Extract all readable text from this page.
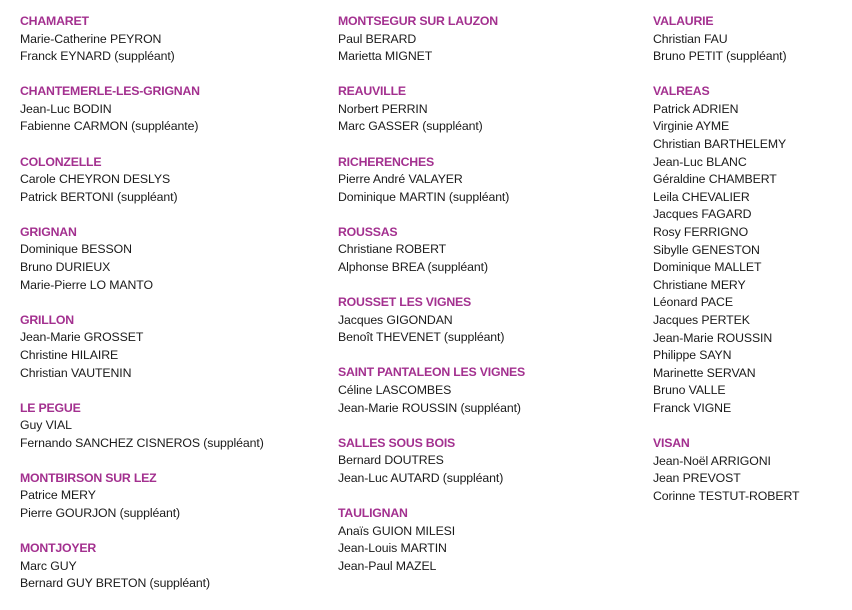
CHAMARET
Marie-Catherine PEYRON
Franck EYNARD (suppléant)
CHANTEMERLE-LES-GRIGNAN
Jean-Luc BODIN
Fabienne CARMON (suppléante)
COLONZELLE
Carole CHEYRON DESLYS
Patrick BERTONI (suppléant)
GRIGNAN
Dominique BESSON
Bruno DURIEUX
Marie-Pierre LO MANTO
GRILLON
Jean-Marie GROSSET
Christine HILAIRE
Christian VAUTENIN
LE PEGUE
Guy VIAL
Fernando SANCHEZ CISNEROS (suppléant)
MONTBIRSON SUR LEZ
Patrice MERY
Pierre GOURJON (suppléant)
MONTJOYER
Marc GUY
Bernard GUY BRETON (suppléant)
MONTSEGUR SUR LAUZON
Paul BERARD
Marietta MIGNET
REAUVILLE
Norbert PERRIN
Marc GASSER (suppléant)
RICHERENCHES
Pierre André VALAYER
Dominique MARTIN (suppléant)
ROUSSAS
Christiane ROBERT
Alphonse BREA (suppléant)
ROUSSET LES VIGNES
Jacques GIGONDAN
Benoît THEVENET (suppléant)
SAINT PANTALEON LES VIGNES
Céline LASCOMBES
Jean-Marie ROUSSIN (suppléant)
SALLES SOUS BOIS
Bernard DOUTRES
Jean-Luc AUTARD (suppléant)
TAULIGNAN
Anaïs GUION MILESI
Jean-Louis MARTIN
Jean-Paul MAZEL
VALAURIE
Christian FAU
Bruno PETIT (suppléant)
VALREAS
Patrick ADRIEN
Virginie AYME
Christian BARTHELEMY
Jean-Luc BLANC
Géraldine CHAMBERT
Leila CHEVALIER
Jacques FAGARD
Rosy FERRIGNO
Sibylle GENESTON
Dominique MALLET
Christiane MERY
Léonard PACE
Jacques PERTEK
Jean-Marie ROUSSIN
Philippe SAYN
Marinette SERVAN
Bruno VALLE
Franck VIGNE
VISAN
Jean-Noël ARRIGONI
Jean PREVOST
Corinne TESTUT-ROBERT
